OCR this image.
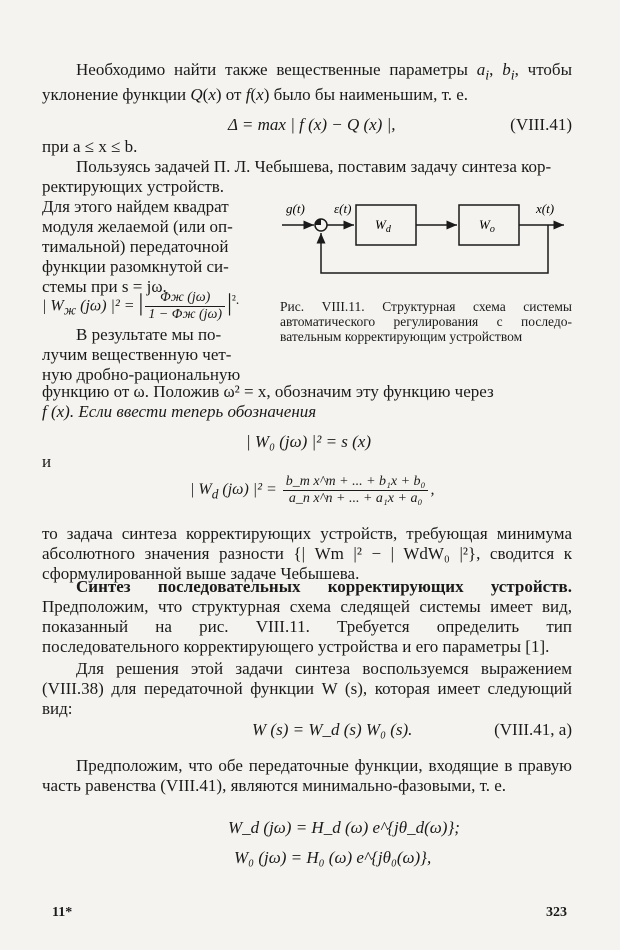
Необходимо найти также вещественные параметры $a_i$, $b_i$, чтобы уклонение функции Q(x) от f(x) было бы наименьшим, т. е.

Δ = max | f (x) − Q (x) |,	(VIII.41)
при a ≤ x ≤ b.
Пользуясь задачей П. Л. Чебышева, поставим задачу синтеза кор-
ректирующих устройств.
Для этого найдем квадрат
модуля желаемой (или оп-
тимальной) передаточной
функции разомкнутой си-
стемы при s = jω.
| $W_ж$ (jω) |² = | $\frac{\Phi ж (j\omega)}{1 - \Phi ж (j\omega)} |^{^2.}$
В результате мы по-
лучим вещественную чет-
ную дробно-рациональную
g(t) ε(t)
$W_d$	$W_o$
x(t)

Рис. VIII.11. Структурная схема системы автоматического регулирования с последо-вательным корректирующим устройством

функцию от ω. Положив ω² = x, обозначим эту функцию через
f (x). Если ввести теперь обозначения
| W₀ (jω) |² = s (x)
и
| $W_d$ (jω) $|^2 = \frac{\text{b\_m x\textasciicircum{}m + ... + b₁x + b₀}}{\text{a\_n x\textasciicircum{}n + ... + a₁x + a₀}}$ ,

то задача синтеза корректирующих устройств, требующая минимума абсолютного значения разности {| Wm |² − | WdW₀ |²}, сводится к сформулированной выше задаче Чебышева.

Синтез последовательных корректирующих устройств. Предположим, что структурная схема следящей системы имеет вид, показанный на рис. VIII.11. Требуется определить тип последовательного корректирующего устройства и его параметры [1].

Для решения этой задачи синтеза воспользуемся выражением (VIII.38) для передаточной функции W (s), которая имеет следующий вид:

W (s) = W_d (s) W₀ (s).	(VIII.41, a)

Предположим, что обе передаточные функции, входящие в правую часть равенства (VIII.41), являются минимально-фазовыми, т. е.

W_d (jω) = H_d (ω) e^{jθ_d(ω)};
W₀ (jω) = H₀ (ω) e^{jθ₀(ω)},
11*	323
